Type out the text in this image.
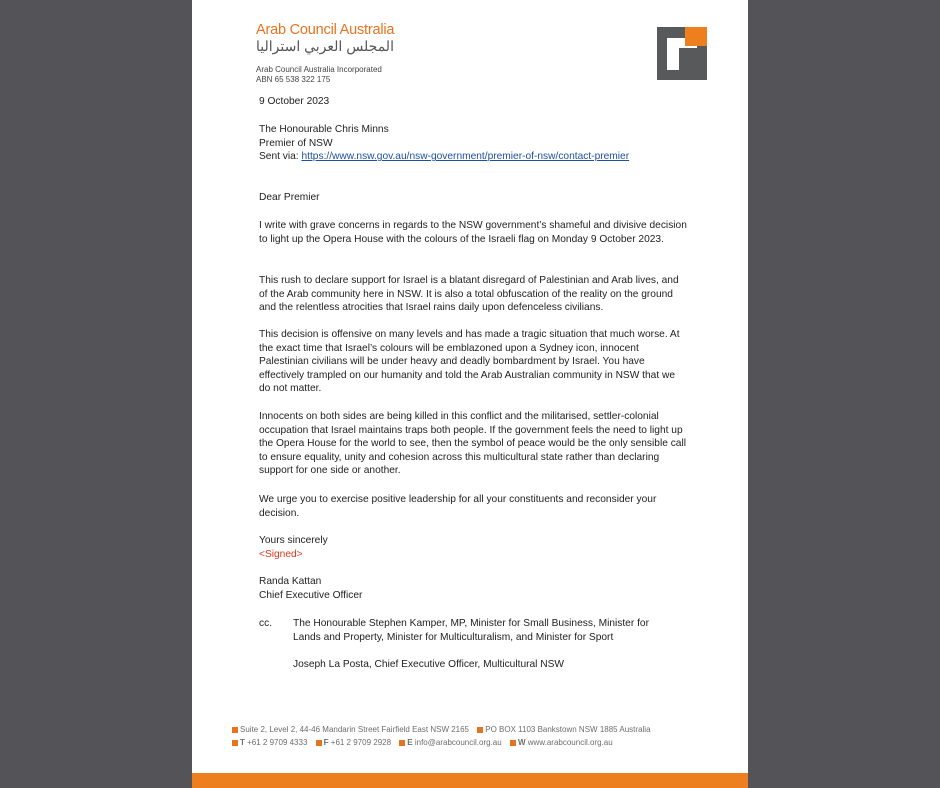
Arab Council Australia
المجلس العربي استراليا
Arab Council Australia Incorporated
ABN 65 538 322 175
9 October 2023
The Honourable Chris Minns
Premier of NSW
Sent via: https://www.nsw.gov.au/nsw-government/premier-of-nsw/contact-premier
Dear Premier
I write with grave concerns in regards to the NSW government’s shameful and divisive decision to light up the Opera House with the colours of the Israeli flag on Monday 9 October 2023.
This rush to declare support for Israel is a blatant disregard of Palestinian and Arab lives, and of the Arab community here in NSW. It is also a total obfuscation of the reality on the ground and the relentless atrocities that Israel rains daily upon defenceless civilians.
This decision is offensive on many levels and has made a tragic situation that much worse. At the exact time that Israel’s colours will be emblazoned upon a Sydney icon, innocent Palestinian civilians will be under heavy and deadly bombardment by Israel. You have effectively trampled on our humanity and told the Arab Australian community in NSW that we do not matter.
Innocents on both sides are being killed in this conflict and the militarised, settler-colonial occupation that Israel maintains traps both people. If the government feels the need to light up the Opera House for the world to see, then the symbol of peace would be the only sensible call to ensure equality, unity and cohesion across this multicultural state rather than declaring support for one side or another.
We urge you to exercise positive leadership for all your constituents and reconsider your decision.
Yours sincerely
<Signed>
Randa Kattan
Chief Executive Officer
cc. The Honourable Stephen Kamper, MP, Minister for Small Business, Minister for Lands and Property, Minister for Multiculturalism, and Minister for Sport
Joseph La Posta, Chief Executive Officer, Multicultural NSW
Suite 2, Level 2, 44-46 Mandarin Street Fairfield East NSW 2165 PO BOX 1103 Bankstown NSW 1885 Australia
T +61 2 9709 4333 F +61 2 9709 2928 E info@arabcouncil.org.au W www.arabcouncil.org.au
